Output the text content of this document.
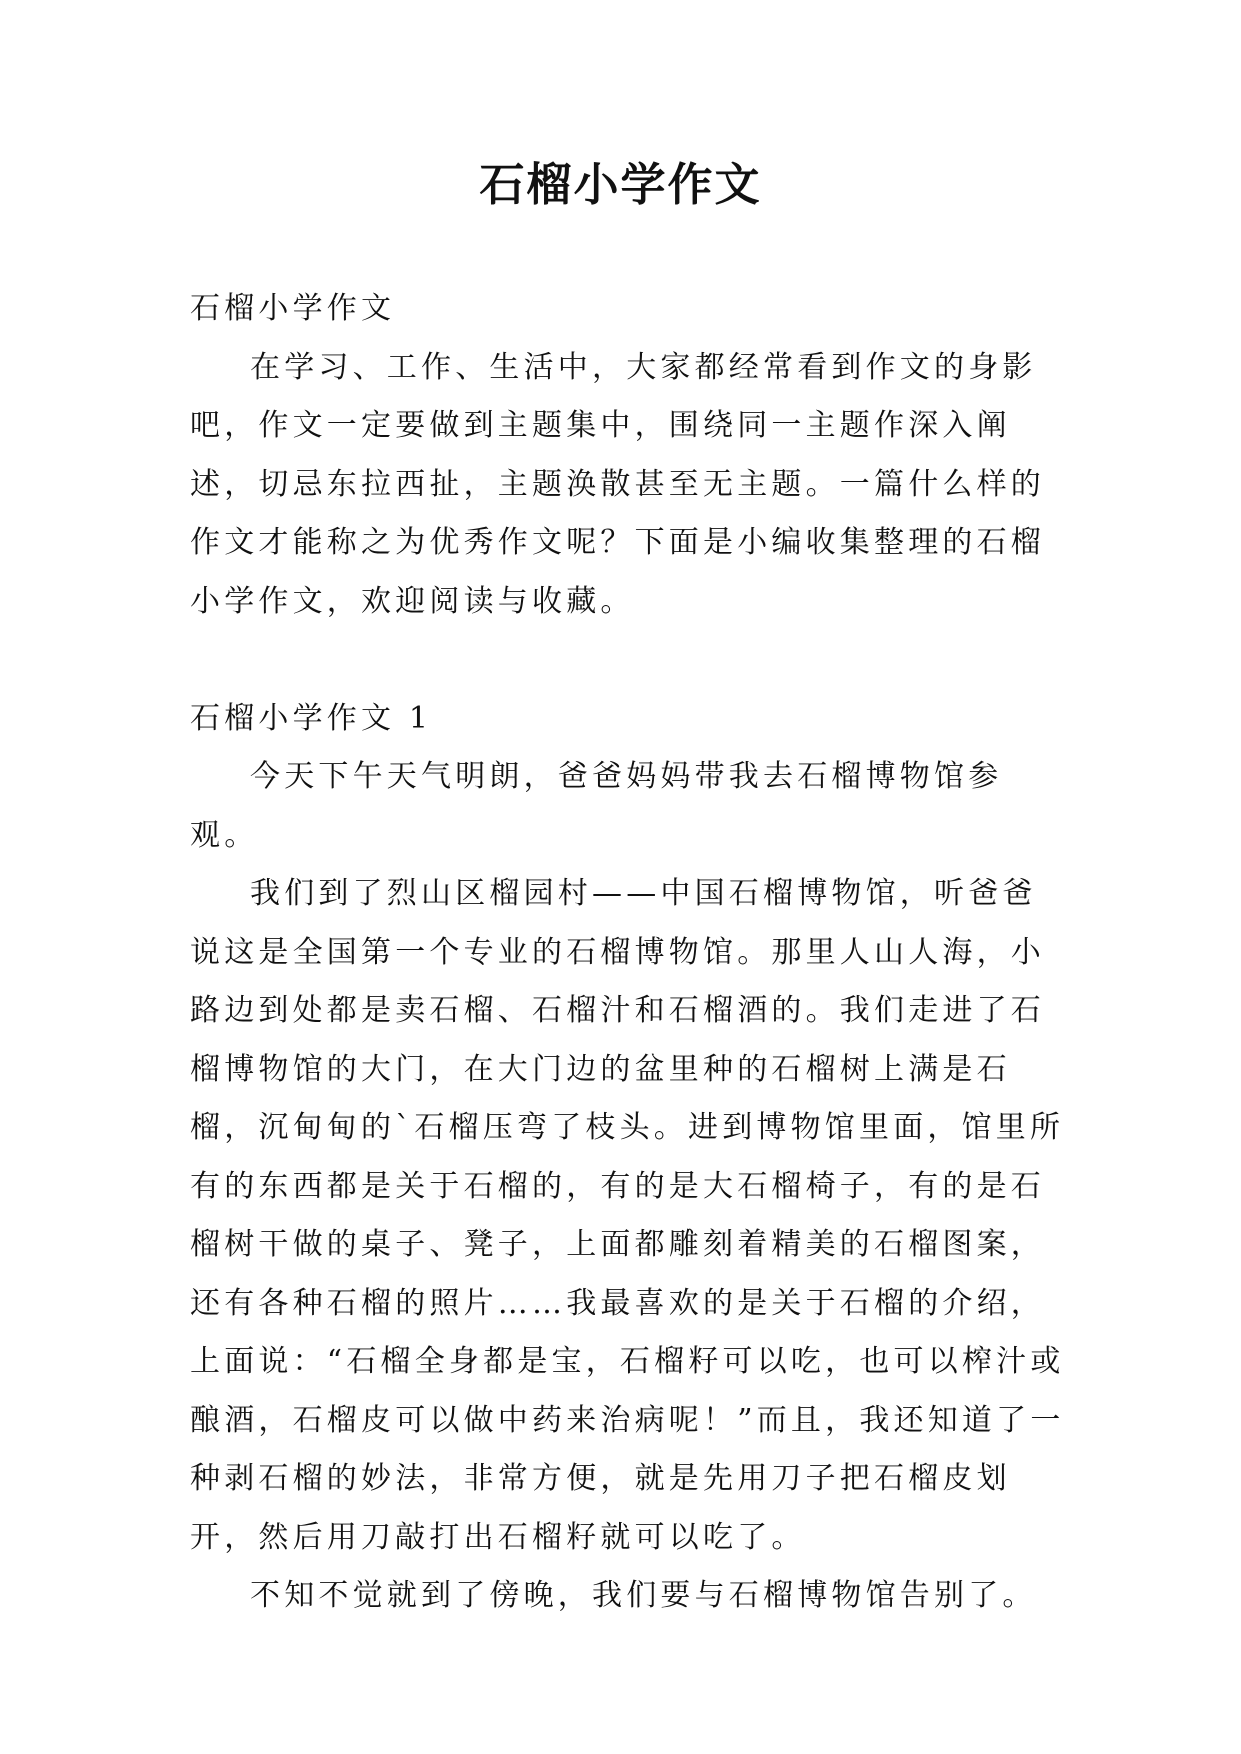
石榴小学作文

石榴小学作文

在学习、工作、生活中，大家都经常看到作文的身影吧，作文一定要做到主题集中，围绕同一主题作深入阐述，切忌东拉西扯，主题涣散甚至无主题。一篇什么样的作文才能称之为优秀作文呢？下面是小编收集整理的石榴小学作文，欢迎阅读与收藏。

石榴小学作文 1

今天下午天气明朗，爸爸妈妈带我去石榴博物馆参观。

我们到了烈山区榴园村——中国石榴博物馆，听爸爸说这是全国第一个专业的石榴博物馆。那里人山人海，小路边到处都是卖石榴、石榴汁和石榴酒的。我们走进了石榴博物馆的大门，在大门边的盆里种的石榴树上满是石榴，沉甸甸的`石榴压弯了枝头。进到博物馆里面，馆里所有的东西都是关于石榴的，有的是大石榴椅子，有的是石榴树干做的桌子、凳子，上面都雕刻着精美的石榴图案，还有各种石榴的照片……我最喜欢的是关于石榴的介绍，上面说：“石榴全身都是宝，石榴籽可以吃，也可以榨汁或酿酒，石榴皮可以做中药来治病呢！”而且，我还知道了一种剥石榴的妙法，非常方便，就是先用刀子把石榴皮划开，然后用刀敲打出石榴籽就可以吃了。

不知不觉就到了傍晚，我们要与石榴博物馆告别了。
